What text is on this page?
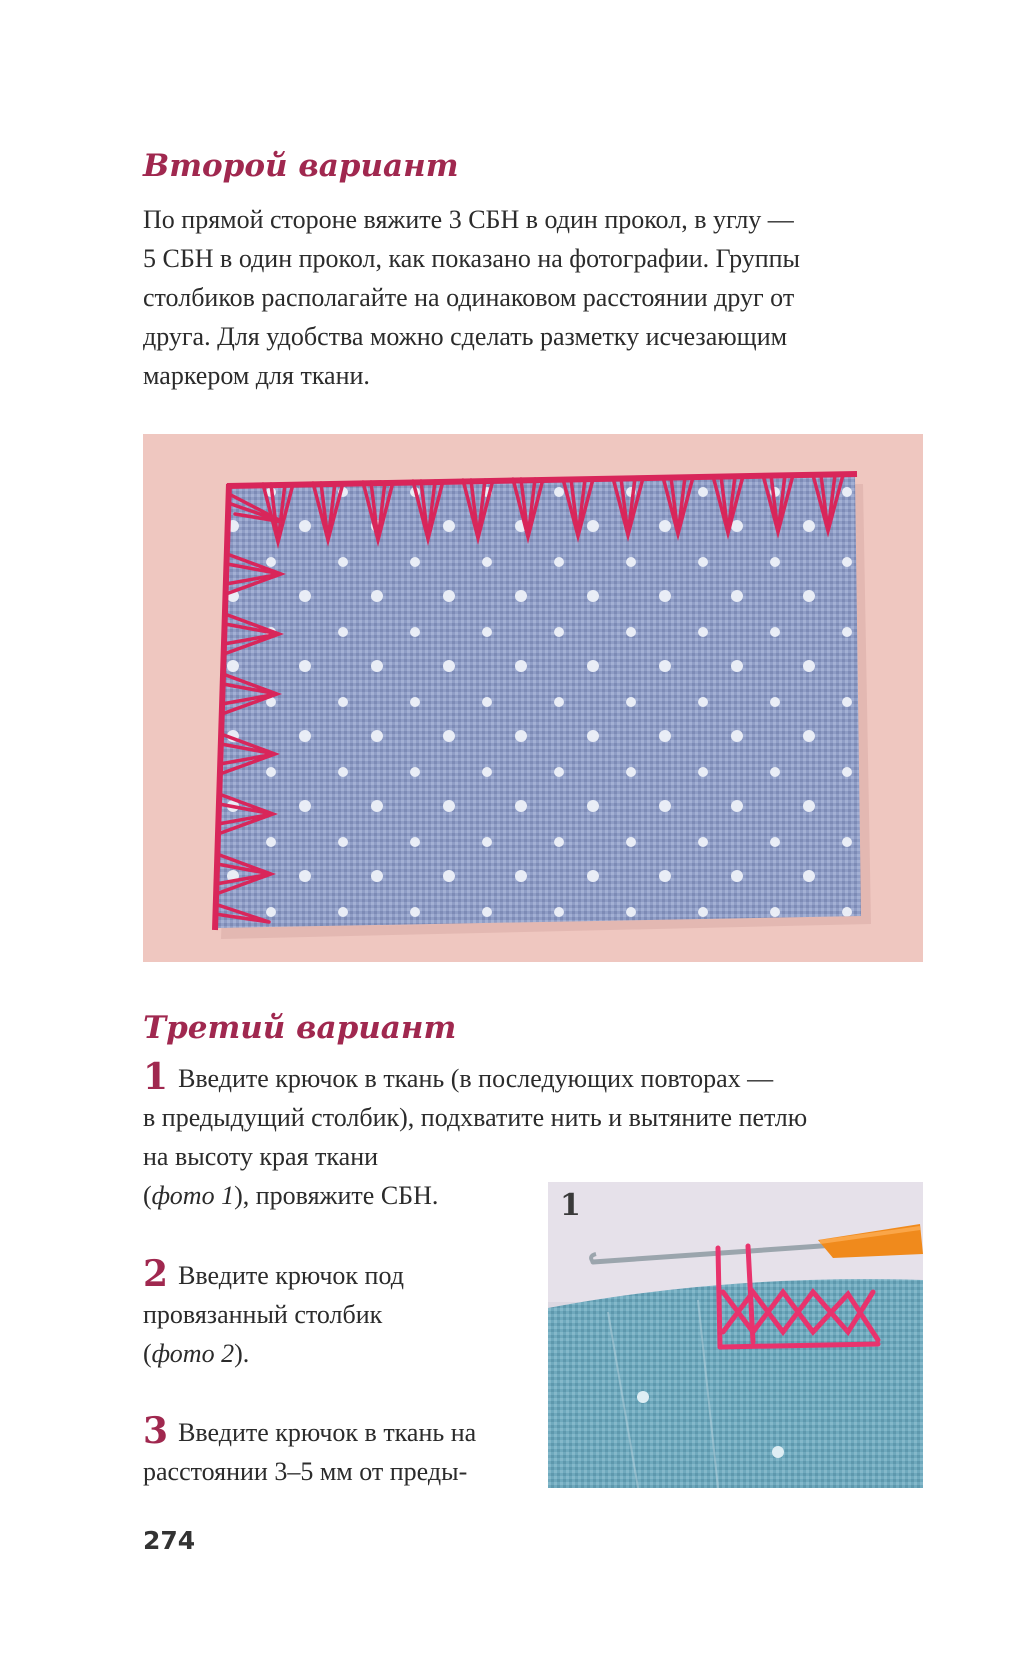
Второй вариант

По прямой стороне вяжите 3 СБН в один прокол, в углу —
5 СБН в один прокол, как показано на фотографии. Группы
столбиков располагайте на одинаковом расстоянии друг от
друга. Для удобства можно сделать разметку исчезающим
маркером для ткани.

Третий вариант

1 Введите крючок в ткань (в последующих повторах —
в предыдущий столбик), подхватите нить и вытяните петлю
на высоту края ткани
(фото 1), провяжите СБН.

2 Введите крючок под
провязанный столбик
(фото 2).

3 Введите крючок в ткань на
расстоянии 3–5 мм от преды-

1
274
